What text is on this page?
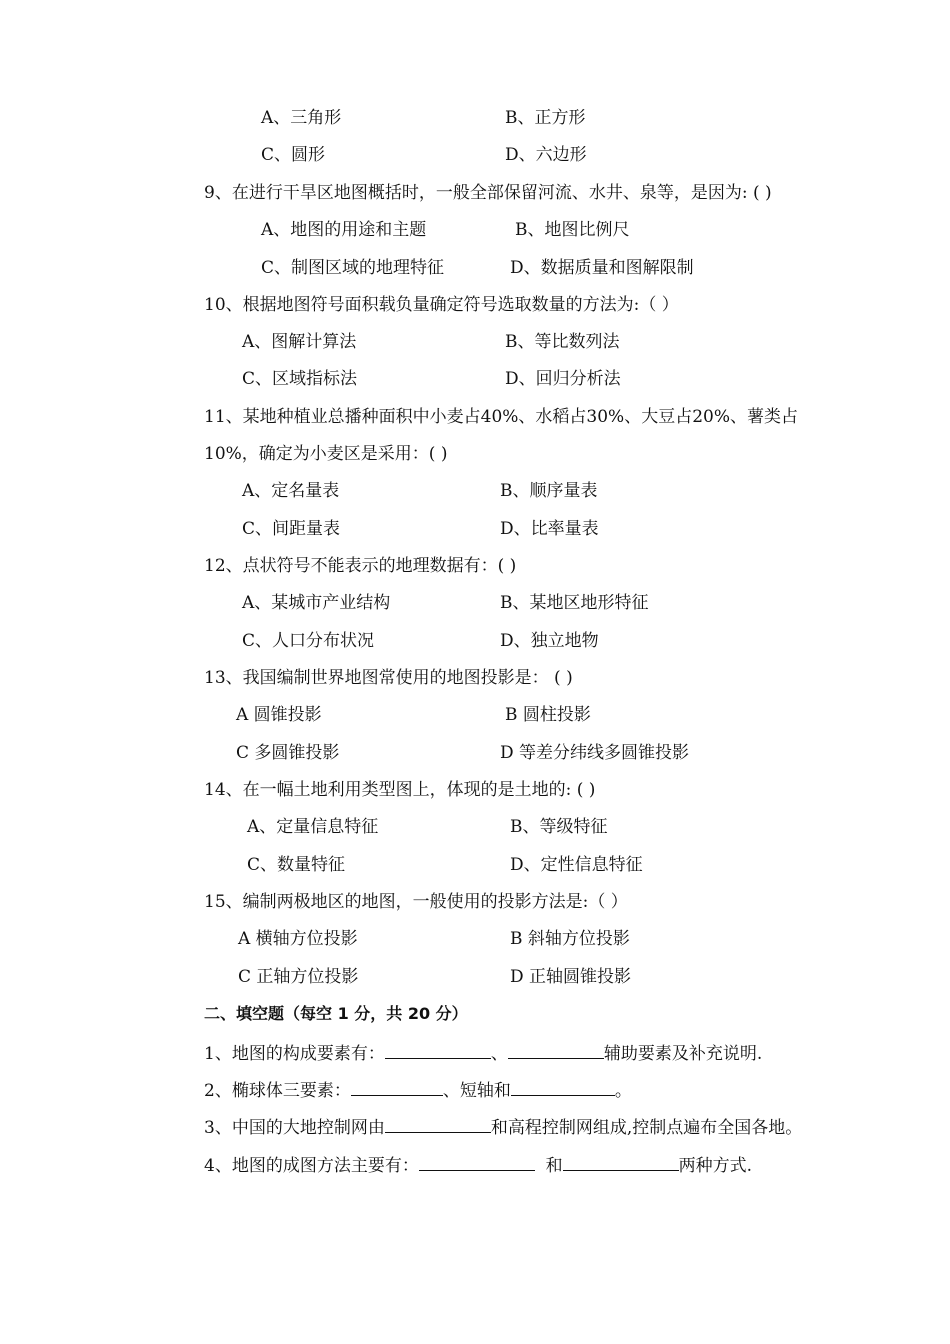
A、三角形	B、正方形
C、圆形	D、六边形
9、在进行干旱区地图概括时，一般全部保留河流、水井、泉等，是因为: ( )
A、地图的用途和主题	B、地图比例尺
C、制图区域的地理特征	D、数据质量和图解限制
10、根据地图符号面积载负量确定符号选取数量的方法为:（ ）
A、图解计算法	B、等比数列法
C、区域指标法	D、回归分析法
11、某地种植业总播种面积中小麦占40%、水稻占30%、大豆占20%、薯类占
10%，确定为小麦区是采用：( )
A、定名量表	B、顺序量表
C、间距量表	D、比率量表
12、点状符号不能表示的地理数据有：( )
A、某城市产业结构	B、某地区地形特征
C、人口分布状况	D、独立地物
13、我国编制世界地图常使用的地图投影是： ( )
A 圆锥投影	B 圆柱投影
C 多圆锥投影	D 等差分纬线多圆锥投影
14、在一幅土地利用类型图上，体现的是土地的: ( )
A、定量信息特征	B、等级特征
C、数量特征	D、定性信息特征
15、编制两极地区的地图，一般使用的投影方法是:（ ）
A 横轴方位投影	B 斜轴方位投影
C 正轴方位投影	D 正轴圆锥投影
二、填空题（每空 1 分，共 20 分）
1、地图的构成要素有：	、	辅助要素及补充说明.
2、椭球体三要素：	、短轴和	。
3、中国的大地控制网由	和高程控制网组成,控制点遍布全国各地。
4、地图的成图方法主要有：	和	两种方式.
